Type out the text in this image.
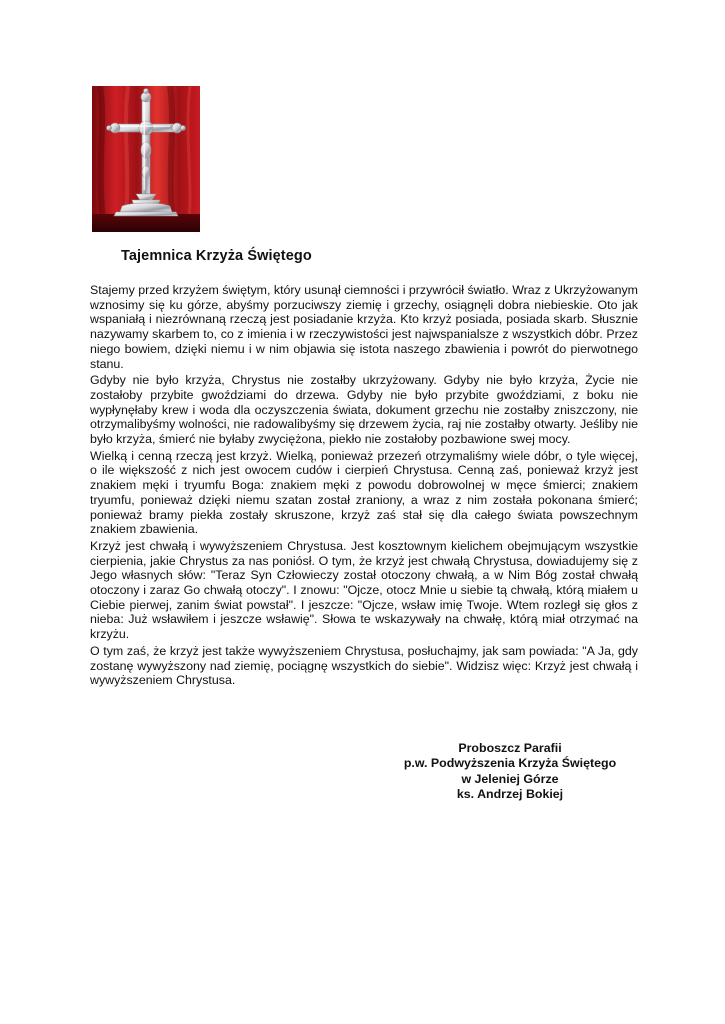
Tajemnica Krzyża Świętego

Stajemy przed krzyżem świętym, który usunął ciemności i przywrócił światło. Wraz z Ukrzyżowanym wznosimy się ku górze, abyśmy porzuciwszy ziemię i grzechy, osiągnęli dobra niebieskie. Oto jak wspaniałą i niezrównaną rzeczą jest posiadanie krzyża. Kto krzyż posiada, posiada skarb. Słusznie nazywamy skarbem to, co z imienia i w rzeczywistości jest najwspanialsze z wszystkich dóbr. Przez niego bowiem, dzięki niemu i w nim objawia się istota naszego zbawienia i powrót do pierwotnego stanu.

Gdyby nie było krzyża, Chrystus nie zostałby ukrzyżowany. Gdyby nie było krzyża, Życie nie zostałoby przybite gwoździami do drzewa. Gdyby nie było przybite gwoździami, z boku nie wypłynęłaby krew i woda dla oczyszczenia świata, dokument grzechu nie zostałby zniszczony, nie otrzymalibyśmy wolności, nie radowalibyśmy się drzewem życia, raj nie zostałby otwarty. Jeśliby nie było krzyża, śmierć nie byłaby zwyciężona, piekło nie zostałoby pozbawione swej mocy.

Wielką i cenną rzeczą jest krzyż. Wielką, ponieważ przezeń otrzymaliśmy wiele dóbr, o tyle więcej, o ile większość z nich jest owocem cudów i cierpień Chrystusa. Cenną zaś, ponieważ krzyż jest znakiem męki i tryumfu Boga: znakiem męki z powodu dobrowolnej w męce śmierci; znakiem tryumfu, ponieważ dzięki niemu szatan został zraniony, a wraz z nim została pokonana śmierć; ponieważ bramy piekła zostały skruszone, krzyż zaś stał się dla całego świata powszechnym znakiem zbawienia.

Krzyż jest chwałą i wywyższeniem Chrystusa. Jest kosztownym kielichem obejmującym wszystkie cierpienia, jakie Chrystus za nas poniósł. O tym, że krzyż jest chwałą Chrystusa, dowiadujemy się z Jego własnych słów: "Teraz Syn Człowieczy został otoczony chwałą, a w Nim Bóg został chwałą otoczony i zaraz Go chwałą otoczy". I znowu: "Ojcze, otocz Mnie u siebie tą chwałą, którą miałem u Ciebie pierwej, zanim świat powstał". I jeszcze: "Ojcze, wsław imię Twoje. Wtem rozległ się głos z nieba: Już wsławiłem i jeszcze wsławię". Słowa te wskazywały na chwałę, którą miał otrzymać na krzyżu.

O tym zaś, że krzyż jest także wywyższeniem Chrystusa, posłuchajmy, jak sam powiada: "A Ja, gdy zostanę wywyższony nad ziemię, pociągnę wszystkich do siebie". Widzisz więc: Krzyż jest chwałą i wywyższeniem Chrystusa.

Proboszcz Parafii
p.w. Podwyższenia Krzyża Świętego
w Jeleniej Górze
ks. Andrzej Bokiej
